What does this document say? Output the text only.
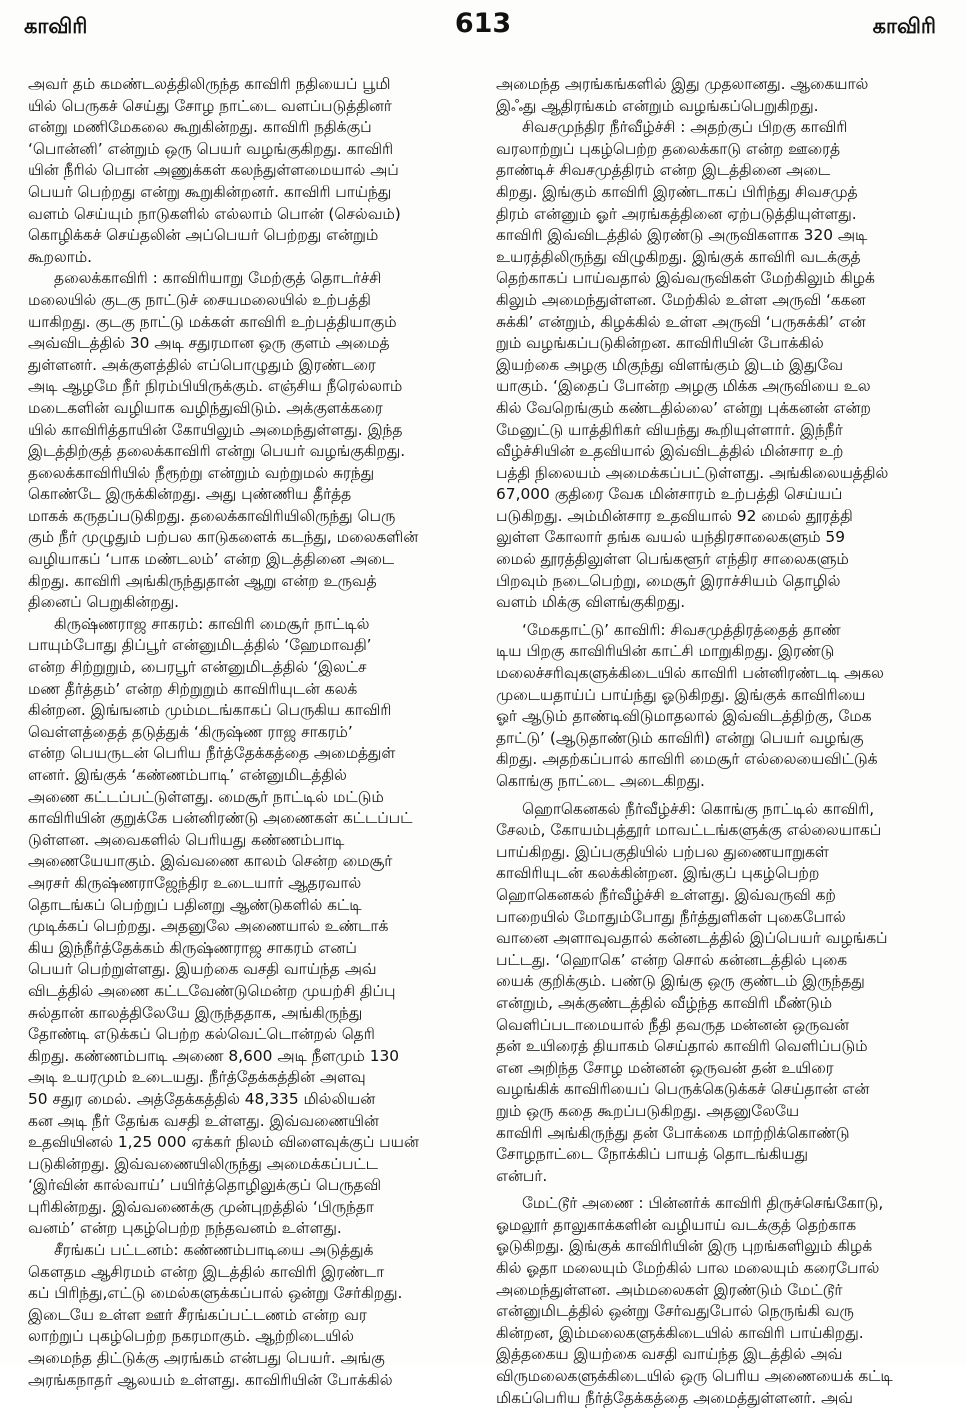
காவிரி	613	காவிரி
அவர் தம் கமண்டலத்திலிருந்த காவிரி நதியைப் பூமி
யில் பெருகச் செய்து சோழ நாட்டை வளப்படுத்தினர்
என்று மணிமேகலை கூறுகின்றது. காவிரி நதிக்குப்
‘பொன்னி’ என்றும் ஒரு பெயர் வழங்குகிறது. காவிரி
யின் நீரில் பொன் அணுக்கள் கலந்துள்ளமையால் அப்
பெயர் பெற்றது என்று கூறுகின்றனர். காவிரி பாய்ந்து
வளம் செய்யும் நாடுகளில் எல்லாம் பொன் (செல்வம்)
கொழிக்கச் செய்தலின் அப்பெயர் பெற்றது என்றும்
கூறலாம்.
தலைக்காவிரி : காவிரியாறு மேற்குத் தொடர்ச்சி
மலையில் குடகு நாட்டுச் சையமலையில் உற்பத்தி
யாகிறது. குடகு நாட்டு மக்கள் காவிரி உற்பத்தியாகும்
அவ்விடத்தில் 30 அடி சதுரமான ஒரு குளம் அமைத்
துள்ளனர். அக்குளத்தில் எப்பொழுதும் இரண்டரை
அடி ஆழமே நீர் நிரம்பியிருக்கும். எஞ்சிய நீரெல்லாம்
மடைகளின் வழியாக வழிந்துவிடும். அக்குளக்கரை
யில் காவிரித்தாயின் கோயிலும் அமைந்துள்ளது. இந்த
இடத்திற்குத் தலைக்காவிரி என்று பெயர் வழங்குகிறது.
தலைக்காவிரியில் நீரூற்று என்றும் வற்றுமல் சுரந்து
கொண்டே இருக்கின்றது. அது புண்ணிய தீர்த்த
மாகக் கருதப்படுகிறது. தலைக்காவிரியிலிருந்து பெரு
கும் நீர் முழுதும் பற்பல காடுகளைக் கடந்து, மலைகளின்
வழியாகப் ‘பாக மண்டலம்’ என்ற இடத்தினை அடை
கிறது. காவிரி அங்கிருந்துதான் ஆறு என்ற உருவத்
தினைப் பெறுகின்றது.
கிருஷ்ணராஜ சாகரம்: காவிரி மைசூர் நாட்டில்
பாயும்போது திப்பூர் என்னுமிடத்தில் ‘ஹேமாவதி’
என்ற சிற்றுறும், பைரபூர் என்னுமிடத்தில் ‘இலட்ச
மண தீர்த்தம்’ என்ற சிற்றுறும் காவிரியுடன் கலக்
கின்றன. இங்ஙனம் மும்மடங்காகப் பெருகிய காவிரி
வெள்ளத்தைத் தடுத்துக் ‘கிருஷ்ண ராஜ சாகரம்’
என்ற பெயருடன் பெரிய நீர்த்தேக்கத்தை அமைத்துள்
ளனர். இங்குக் ‘கண்ணம்பாடி’ என்னுமிடத்தில்
அணை கட்டப்பட்டுள்ளது. மைசூர் நாட்டில் மட்டும்
காவிரியின் குறுக்கே பன்னிரண்டு அணைகள் கட்டப்பட்
டுள்ளன. அவைகளில் பெரியது கண்ணம்பாடி
அணையேயாகும். இவ்வணை காலம் சென்ற மைசூர்
அரசர் கிருஷ்ணராஜேந்திர உடையார் ஆதரவால்
தொடங்கப் பெற்றுப் பதினறு ஆண்டுகளில் கட்டி
முடிக்கப் பெற்றது. அதனுலே அணையால் உண்டாக்
கிய இந்நீர்த்தேக்கம் கிருஷ்ணராஜ சாகரம் எனப்
பெயர் பெற்றுள்ளது. இயற்கை வசதி வாய்ந்த அவ்
விடத்தில் அணை கட்டவேண்டுமென்ற முயற்சி திப்பு
சுல்தான் காலத்திலேயே இருந்ததாக, அங்கிருந்து
தோண்டி எடுக்கப் பெற்ற கல்வெட்டொன்றல் தெரி
கிறது. கண்ணம்பாடி அணை 8,600 அடி நீளமும் 130
அடி உயரமும் உடையது. நீர்த்தேக்கத்தின் அளவு
50 சதுர மைல். அத்தேக்கத்தில் 48,335 மில்லியன்
கன அடி நீர் தேங்க வசதி உள்ளது. இவ்வணையின்
உதவியினல் 1,25 000 ஏக்கர் நிலம் விளைவுக்குப் பயன்
படுகின்றது. இவ்வணையிலிருந்து அமைக்கப்பட்ட
‘இர்வின் கால்வாய்’ பயிர்த்தொழிலுக்குப் பெருதவி
புரிகின்றது. இவ்வணைக்கு முன்புறத்தில் ‘பிருந்தா
வனம்’ என்ற புகழ்பெற்ற நந்தவனம் உள்ளது.
சீரங்கப் பட்டனம்: கண்ணம்பாடியை அடுத்துக்
கௌதம ஆசிரமம் என்ற இடத்தில் காவிரி இரண்டா
கப் பிரிந்து,எட்டு மைல்களுக்கப்பால் ஒன்று சேர்கிறது.
இடையே உள்ள ஊர் சீரங்கப்பட்டணம் என்ற வர
லாற்றுப் புகழ்பெற்ற நகரமாகும். ஆற்றிடையில்
அமைந்த திட்டுக்கு அரங்கம் என்பது பெயர். அங்கு
அரங்கநாதர் ஆலயம் உள்ளது. காவிரியின் போக்கில்
அமைந்த அரங்கங்களில் இது முதலானது. ஆகையால்
இஃது ஆதிரங்கம் என்றும் வழங்கப்பெறுகிறது.
சிவசமுந்திர நீர்வீழ்ச்சி : அதற்குப் பிறகு காவிரி
வரலாற்றுப் புகழ்பெற்ற தலைக்காடு என்ற ஊரைத்
தாண்டிச் சிவசமுத்திரம் என்ற இடத்தினை அடை
கிறது. இங்கும் காவிரி இரண்டாகப் பிரிந்து சிவசமுத்
திரம் என்னும் ஓர் அரங்கத்தினை ஏற்படுத்தியுள்ளது.
காவிரி இவ்விடத்தில் இரண்டு அருவிகளாக 320 அடி
உயரத்திலிருந்து விழுகிறது. இங்குக் காவிரி வடக்குத்
தெற்காகப் பாய்வதால் இவ்வருவிகள் மேற்கிலும் கிழக்
கிலும் அமைந்துள்ளன. மேற்கில் உள்ள அருவி ‘ககன
சுக்கி’ என்றும், கிழக்கில் உள்ள அருவி ‘பருசுக்கி’ என்
றும் வழங்கப்படுகின்றன. காவிரியின் போக்கில்
இயற்கை அழகு மிகுந்து விளங்கும் இடம் இதுவே
யாகும். ‘இதைப் போன்ற அழகு மிக்க அருவியை உல
கில் வேறெங்கும் கண்டதில்லை’ என்று புக்கனன் என்ற
மேனுட்டு யாத்திரிகர் வியந்து கூறியுள்ளார். இந்நீர்
வீழ்ச்சியின் உதவியால் இவ்விடத்தில் மின்சார உற்
பத்தி நிலையம் அமைக்கப்பட்டுள்ளது. அங்கிலையத்தில்
67,000 குதிரை வேக மின்சாரம் உற்பத்தி செய்யப்
படுகிறது. அம்மின்சார உதவியால் 92 மைல் தூரத்தி
லுள்ள கோலார் தங்க வயல் யந்திரசாலைகளும் 59
மைல் தூரத்திலுள்ள பெங்களூர் எந்திர சாலைகளும்
பிறவும் நடைபெற்று, மைசூர் இராச்சியம் தொழில்
வளம் மிக்கு விளங்குகிறது.
‘மேகதாட்டு’ காவிரி: சிவசமுத்திரத்தைத் தாண்
டிய பிறகு காவிரியின் காட்சி மாறுகிறது. இரண்டு
மலைச்சரிவுகளுக்கிடையில் காவிரி பன்னிரண்டடி அகல
முடையதாய்ப் பாய்ந்து ஓடுகிறது. இங்குக் காவிரியை
ஓர் ஆடும் தாண்டிவிடுமாதலால் இவ்விடத்திற்கு, மேக
தாட்டு’ (ஆடுதாண்டும் காவிரி) என்று பெயர் வழங்கு
கிறது. அதற்கப்பால் காவிரி மைசூர் எல்லையைவிட்டுக்
கொங்கு நாட்டை அடைகிறது.
ஹொகெனகல் நீர்வீழ்ச்சி: கொங்கு நாட்டில் காவிரி,
சேலம், கோயம்புத்தூர் மாவட்டங்களுக்கு எல்லையாகப்
பாய்கிறது. இப்பகுதியில் பற்பல துணையாறுகள்
காவிரியுடன் கலக்கின்றன. இங்குப் புகழ்பெற்ற
ஹொகெனகல் நீர்வீழ்ச்சி உள்ளது. இவ்வருவி கற்
பாறையில் மோதும்போது நீர்த்துளிகள் புகைபோல்
வானை அளாவுவதால் கன்னடத்தில் இப்பெயர் வழங்கப்
பட்டது. ‘ஹொகெ’ என்ற சொல் கன்னடத்தில் புகை
யைக் குறிக்கும். பண்டு இங்கு ஒரு குண்டம் இருந்தது
என்றும், அக்குண்டத்தில் வீழ்ந்த காவிரி மீண்டும்
வெளிப்படாமையால் நீதி தவருத மன்னன் ஒருவன்
தன் உயிரைத் தியாகம் செய்தால் காவிரி வெளிப்படும்
என அறிந்த சோழ மன்னன் ஒருவன் தன் உயிரை
வழங்கிக் காவிரியைப் பெருக்கெடுக்கச் செய்தான் என்
றும் ஒரு கதை கூறப்படுகிறது. அதனுலேயே
காவிரி அங்கிருந்து தன் போக்கை மாற்றிக்கொண்டு
சோழநாட்டை நோக்கிப் பாயத் தொடங்கியது
என்பர்.
மேட்டூர் அணை : பின்னர்க் காவிரி திருச்செங்கோடு,
ஓமலூர் தாலுகாக்களின் வழியாய் வடக்குத் தெற்காக
ஓடுகிறது. இங்குக் காவிரியின் இரு புறங்களிலும் கிழக்
கில் ஓதா மலையும் மேற்கில் பால மலையும் கரைபோல்
அமைந்துள்ளன. அம்மலைகள் இரண்டும் மேட்டூர்
என்னுமிடத்தில் ஒன்று சேர்வதுபோல் நெருங்கி வரு
கின்றன, இம்மலைகளுக்கிடையில் காவிரி பாய்கிறது.
இத்தகைய இயற்கை வசதி வாய்ந்த இடத்தில் அவ்
விருமலைகளுக்கிடையில் ஒரு பெரிய அணையைக் கட்டி
மிகப்பெரிய நீர்த்தேக்கத்தை அமைத்துள்ளனர். அவ்
